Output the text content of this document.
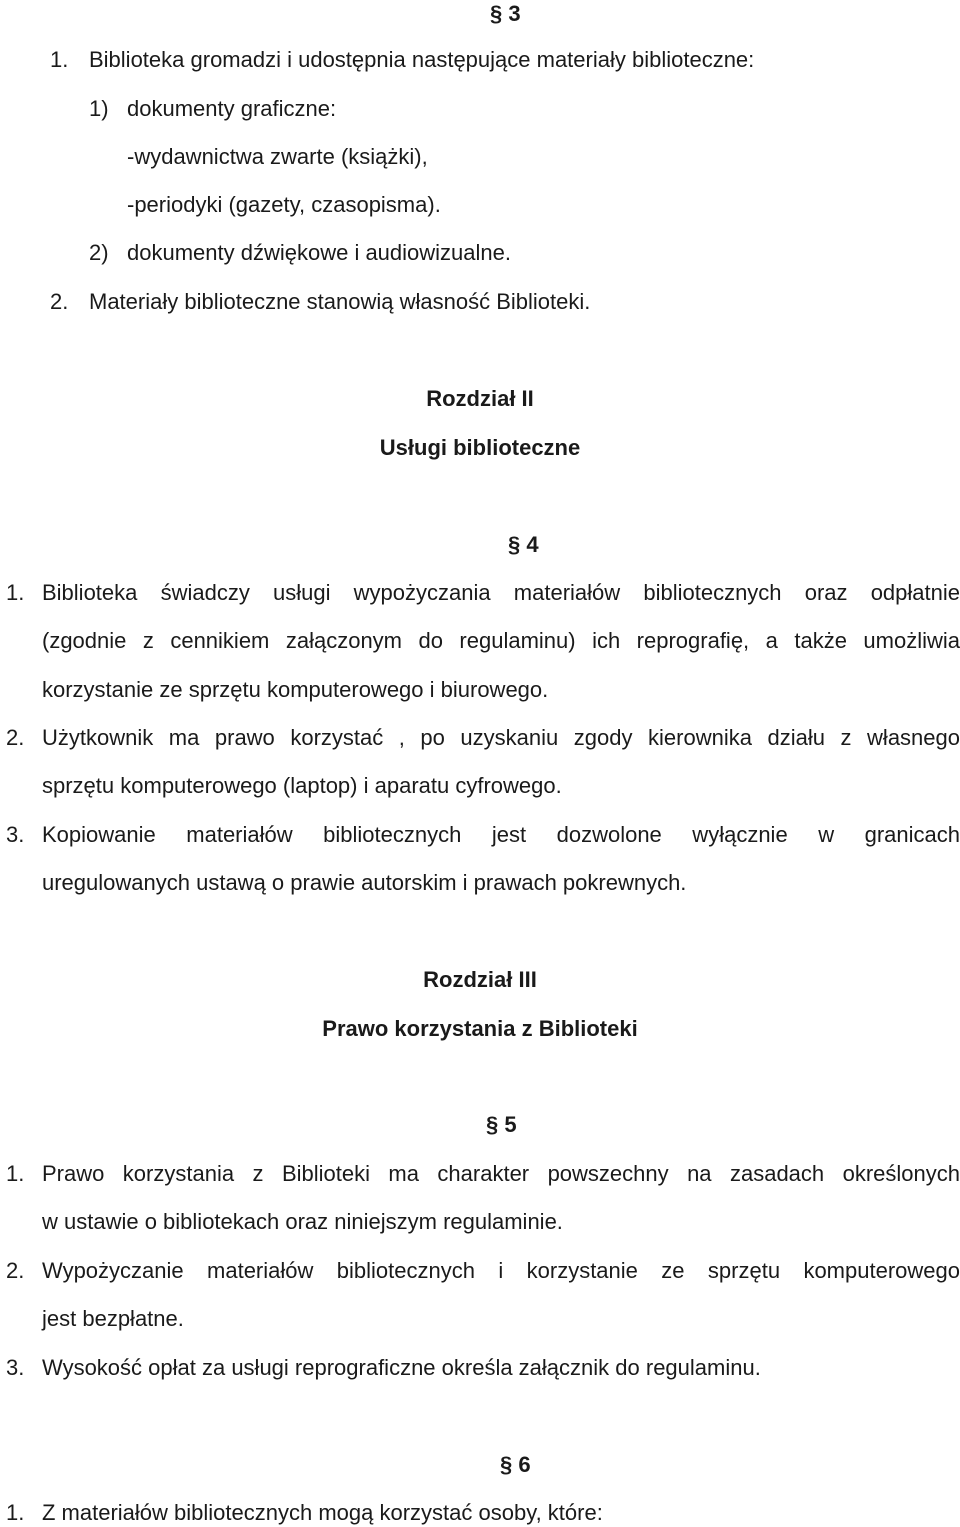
§ 3
1. Biblioteka gromadzi i udostępnia następujące materiały biblioteczne:
1) dokumenty graficzne:
-wydawnictwa zwarte (książki),
-periodyki (gazety, czasopisma).
2) dokumenty dźwiękowe i audiowizualne.
2. Materiały biblioteczne stanowią własność Biblioteki.
Rozdział II
Usługi biblioteczne
§ 4
1. Biblioteka świadczy usługi wypożyczania materiałów bibliotecznych oraz odpłatnie
(zgodnie z cennikiem załączonym do regulaminu) ich reprografię, a także umożliwia
korzystanie ze sprzętu komputerowego i biurowego.
2. Użytkownik ma prawo korzystać , po uzyskaniu zgody kierownika działu z własnego
sprzętu komputerowego (laptop) i aparatu cyfrowego.
3. Kopiowanie materiałów bibliotecznych jest dozwolone wyłącznie w granicach
uregulowanych ustawą o prawie autorskim i prawach pokrewnych.
Rozdział III
Prawo korzystania z Biblioteki
§ 5
1. Prawo korzystania z Biblioteki ma charakter powszechny na zasadach określonych
w ustawie o bibliotekach oraz niniejszym regulaminie.
2. Wypożyczanie materiałów bibliotecznych i korzystanie ze sprzętu komputerowego
jest bezpłatne.
3. Wysokość opłat za usługi reprograficzne określa załącznik do regulaminu.
§ 6
1. Z materiałów bibliotecznych mogą korzystać osoby, które:
